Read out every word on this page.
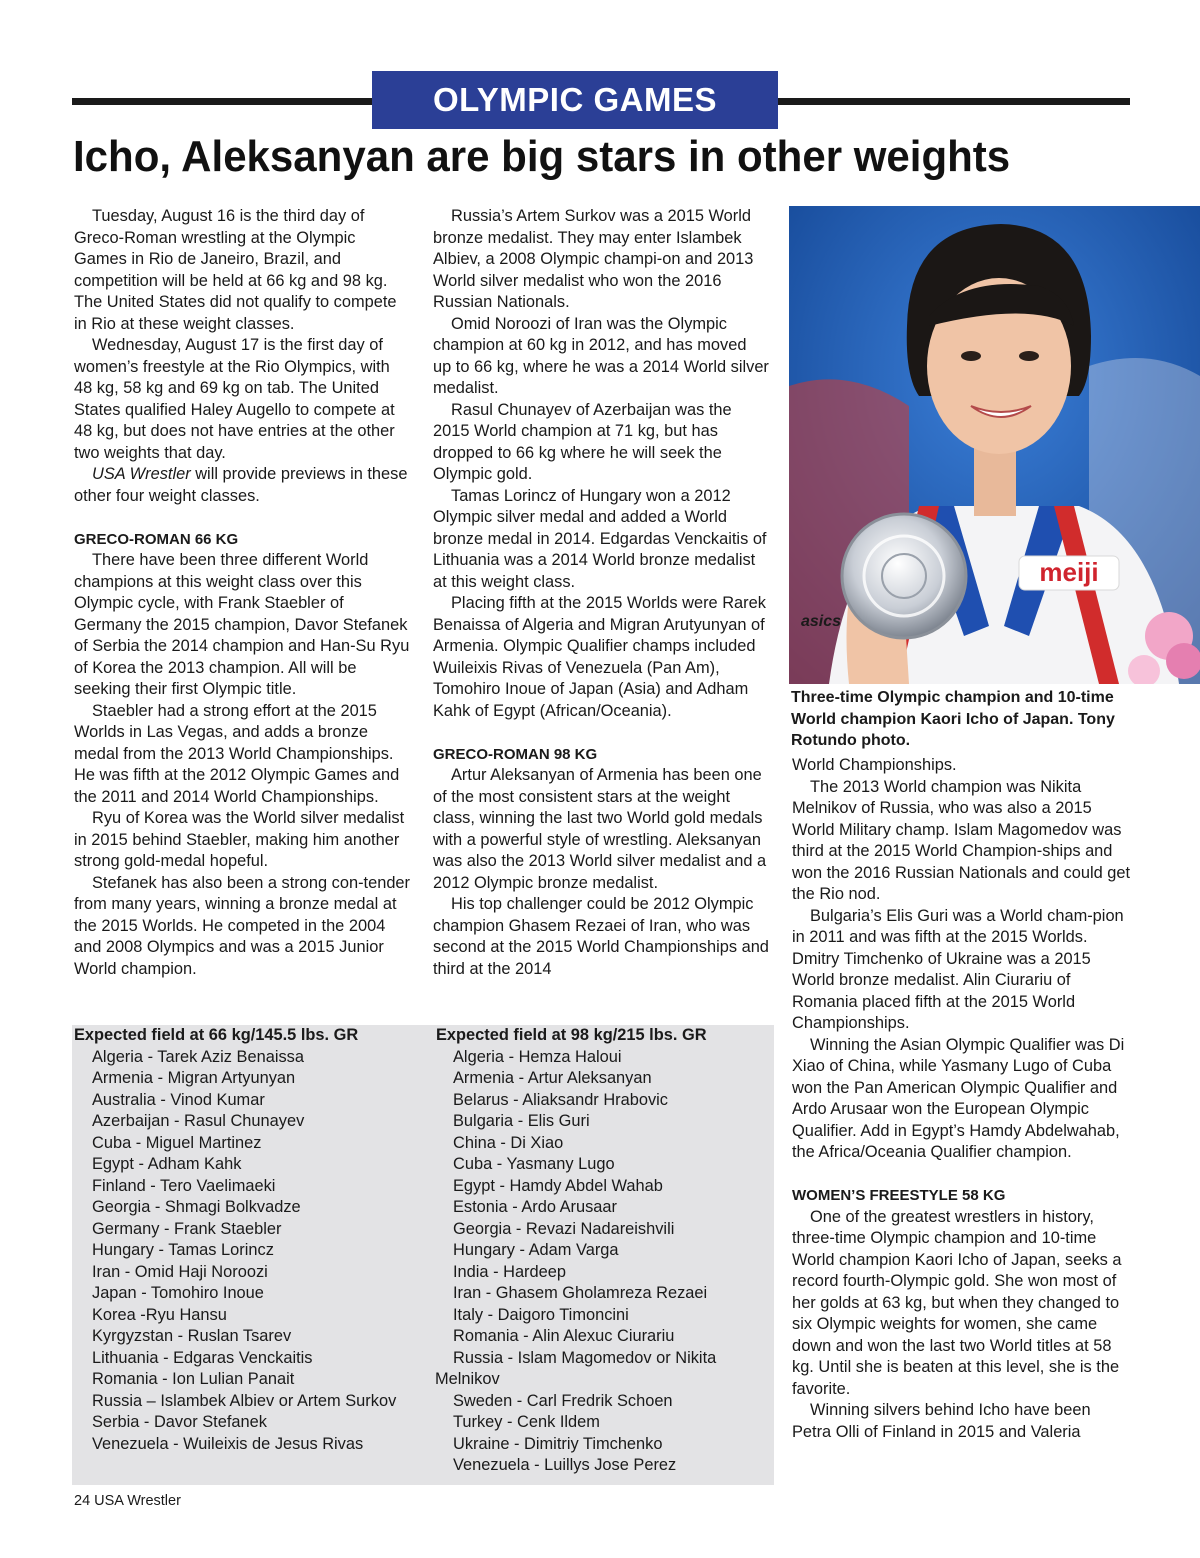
OLYMPIC GAMES
Icho, Aleksanyan are big stars in other weights

Tuesday, August 16 is the third day of Greco-Roman wrestling at the Olympic Games in Rio de Janeiro, Brazil, and competition will be held at 66 kg and 98 kg. The United States did not qualify to compete in Rio at these weight classes.

Wednesday, August 17 is the first day of women’s freestyle at the Rio Olympics, with 48 kg, 58 kg and 69 kg on tab. The United States qualified Haley Augello to compete at 48 kg, but does not have entries at the other two weights that day.

USA Wrestler will provide previews in these other four weight classes.

GRECO-ROMAN 66 KG

There have been three different World champions at this weight class over this Olympic cycle, with Frank Staebler of Germany the 2015 champion, Davor Stefanek of Serbia the 2014 champion and Han-Su Ryu of Korea the 2013 champion. All will be seeking their first Olympic title.

Staebler had a strong effort at the 2015 Worlds in Las Vegas, and adds a bronze medal from the 2013 World Championships. He was fifth at the 2012 Olympic Games and the 2011 and 2014 World Championships.

Ryu of Korea was the World silver medalist in 2015 behind Staebler, making him another strong gold-medal hopeful.

Stefanek has also been a strong con-tender from many years, winning a bronze medal at the 2015 Worlds. He competed in the 2004 and 2008 Olympics and was a 2015 Junior World champion.

Russia’s Artem Surkov was a 2015 World bronze medalist. They may enter Islambek Albiev, a 2008 Olympic champi-on and 2013 World silver medalist who won the 2016 Russian Nationals.

Omid Noroozi of Iran was the Olympic champion at 60 kg in 2012, and has moved up to 66 kg, where he was a 2014 World silver medalist.

Rasul Chunayev of Azerbaijan was the 2015 World champion at 71 kg, but has dropped to 66 kg where he will seek the Olympic gold.

Tamas Lorincz of Hungary won a 2012 Olympic silver medal and added a World bronze medal in 2014. Edgardas Venckaitis of Lithuania was a 2014 World bronze medalist at this weight class.

Placing fifth at the 2015 Worlds were Rarek Benaissa of Algeria and Migran Arutyunyan of Armenia. Olympic Qualifier champs included Wuileixis Rivas of Venezuela (Pan Am), Tomohiro Inoue of Japan (Asia) and Adham Kahk of Egypt (African/Oceania).

GRECO-ROMAN 98 KG

Artur Aleksanyan of Armenia has been one of the most consistent stars at the weight class, winning the last two World gold medals with a powerful style of wrestling. Aleksanyan was also the 2013 World silver medalist and a 2012 Olympic bronze medalist.

His top challenger could be 2012 Olympic champion Ghasem Rezaei of Iran, who was second at the 2015 World Championships and third at the 2014

Expected field at 66 kg/145.5 lbs. GR

Algeria - Tarek Aziz Benaissa
Armenia - Migran Artyunyan
Australia - Vinod Kumar
Azerbaijan - Rasul Chunayev
Cuba - Miguel Martinez
Egypt - Adham Kahk
Finland - Tero Vaelimaeki
Georgia - Shmagi Bolkvadze
Germany - Frank Staebler
Hungary - Tamas Lorincz
Iran - Omid Haji Noroozi
Japan - Tomohiro Inoue
Korea -Ryu Hansu
Kyrgyzstan - Ruslan Tsarev
Lithuania - Edgaras Venckaitis
Romania - Ion Lulian Panait
Russia – Islambek Albiev or Artem Surkov
Serbia - Davor Stefanek
Venezuela - Wuileixis de Jesus Rivas

Expected field at 98 kg/215 lbs. GR

Algeria - Hemza Haloui
Armenia - Artur Aleksanyan
Belarus - Aliaksandr Hrabovic
Bulgaria - Elis Guri
China - Di Xiao
Cuba - Yasmany Lugo
Egypt - Hamdy Abdel Wahab
Estonia - Ardo Arusaar
Georgia - Revazi Nadareishvili
Hungary - Adam Varga
India - Hardeep
Iran - Ghasem Gholamreza Rezaei
Italy - Daigoro Timoncini
Romania - Alin Alexuc Ciurariu
Russia - Islam Magomedov or Nikita Melnikov
Sweden - Carl Fredrik Schoen
Turkey - Cenk Ildem
Ukraine - Dimitriy Timchenko
Venezuela - Luillys Jose Perez
meiji
asics

Three-time Olympic champion and 10-time World champion Kaori Icho of Japan. Tony Rotundo photo.

World Championships.

The 2013 World champion was Nikita Melnikov of Russia, who was also a 2015 World Military champ. Islam Magomedov was third at the 2015 World Champion-ships and won the 2016 Russian Nationals and could get the Rio nod.

Bulgaria’s Elis Guri was a World cham-pion in 2011 and was fifth at the 2015 Worlds. Dmitry Timchenko of Ukraine was a 2015 World bronze medalist. Alin Ciurariu of Romania placed fifth at the 2015 World Championships.

Winning the Asian Olympic Qualifier was Di Xiao of China, while Yasmany Lugo of Cuba won the Pan American Olympic Qualifier and Ardo Arusaar won the European Olympic Qualifier. Add in Egypt’s Hamdy Abdelwahab, the Africa/Oceania Qualifier champion.

WOMEN’S FREESTYLE 58 KG

One of the greatest wrestlers in history, three-time Olympic champion and 10-time World champion Kaori Icho of Japan, seeks a record fourth-Olympic gold. She won most of her golds at 63 kg, but when they changed to six Olympic weights for women, she came down and won the last two World titles at 58 kg. Until she is beaten at this level, she is the favorite.

Winning silvers behind Icho have been Petra Olli of Finland in 2015 and Valeria

24 USA Wrestler
